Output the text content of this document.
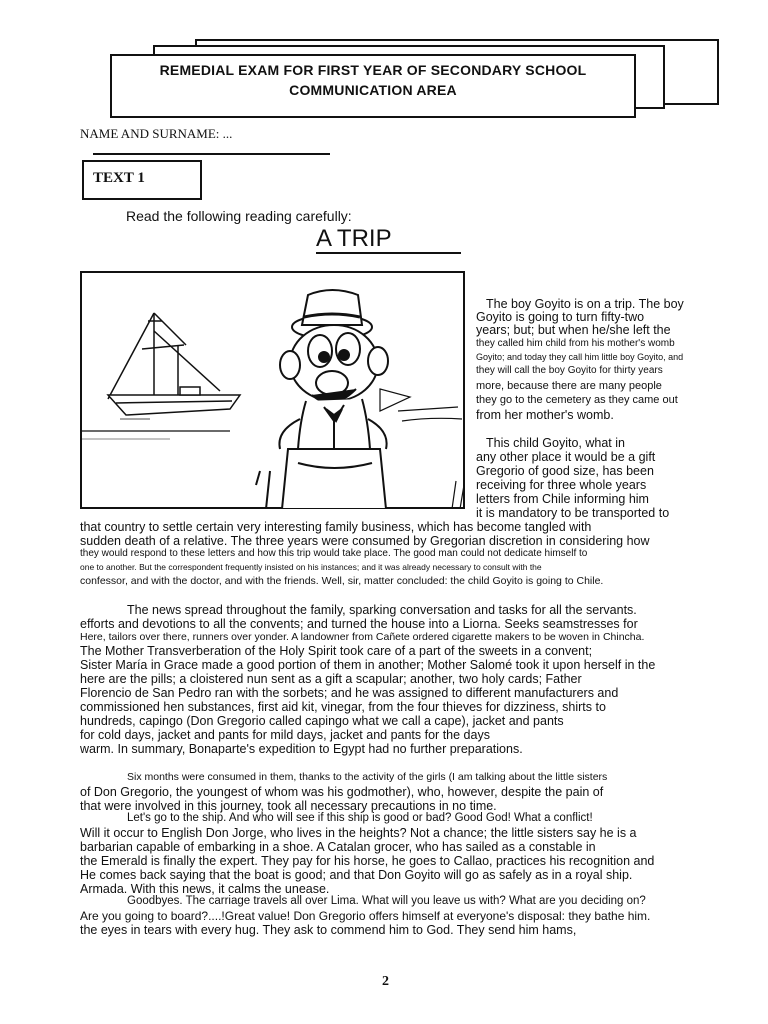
REMEDIAL EXAM FOR FIRST YEAR OF SECONDARY SCHOOL
COMMUNICATION AREA
NAME AND SURNAME: ...
TEXT 1
Read the following reading carefully:
A TRIP
The boy Goyito is on a trip. The boy
Goyito is going to turn fifty-two
years; but; but when he/she left the
they called him child from his mother's womb
Goyito; and today they call him little boy Goyito, and
they will call the boy Goyito for thirty years
more, because there are many people
they go to the cemetery as they came out
from her mother's womb.
This child Goyito, what in
any other place it would be a gift
Gregorio of good size, has been
receiving for three whole years
letters from Chile informing him
it is mandatory to be transported to
that country to settle certain very interesting family business, which has become tangled with
sudden death of a relative. The three years were consumed by Gregorian discretion in considering how
they would respond to these letters and how this trip would take place. The good man could not dedicate himself to
one to another. But the correspondent frequently insisted on his instances; and it was already necessary to consult with the
confessor, and with the doctor, and with the friends. Well, sir, matter concluded: the child Goyito is going to Chile.
The news spread throughout the family, sparking conversation and tasks for all the servants.
efforts and devotions to all the convents; and turned the house into a Liorna. Seeks seamstresses for
Here, tailors over there, runners over yonder. A landowner from Cañete ordered cigarette makers to be woven in Chincha.
The Mother Transverberation of the Holy Spirit took care of a part of the sweets in a convent;
Sister María in Grace made a good portion of them in another; Mother Salomé took it upon herself in the
here are the pills; a cloistered nun sent as a gift a scapular; another, two holy cards; Father
Florencio de San Pedro ran with the sorbets; and he was assigned to different manufacturers and
commissioned hen substances, first aid kit, vinegar, from the four thieves for dizziness, shirts to
hundreds, capingo (Don Gregorio called capingo what we call a cape), jacket and pants
for cold days, jacket and pants for mild days, jacket and pants for the days
warm. In summary, Bonaparte's expedition to Egypt had no further preparations.
Six months were consumed in them, thanks to the activity of the girls (I am talking about the little sisters
of Don Gregorio, the youngest of whom was his godmother), who, however, despite the pain of
that were involved in this journey, took all necessary precautions in no time.
Let's go to the ship. And who will see if this ship is good or bad? Good God! What a conflict!
Will it occur to English Don Jorge, who lives in the heights? Not a chance; the little sisters say he is a
barbarian capable of embarking in a shoe. A Catalan grocer, who has sailed as a constable in
the Emerald is finally the expert. They pay for his horse, he goes to Callao, practices his recognition and
He comes back saying that the boat is good; and that Don Goyito will go as safely as in a royal ship.
Armada. With this news, it calms the unease.
Goodbyes. The carriage travels all over Lima. What will you leave us with? What are you deciding on?
Are you going to board?....!Great value! Don Gregorio offers himself at everyone's disposal: they bathe him.
the eyes in tears with every hug. They ask to commend him to God. They send him hams,
2
